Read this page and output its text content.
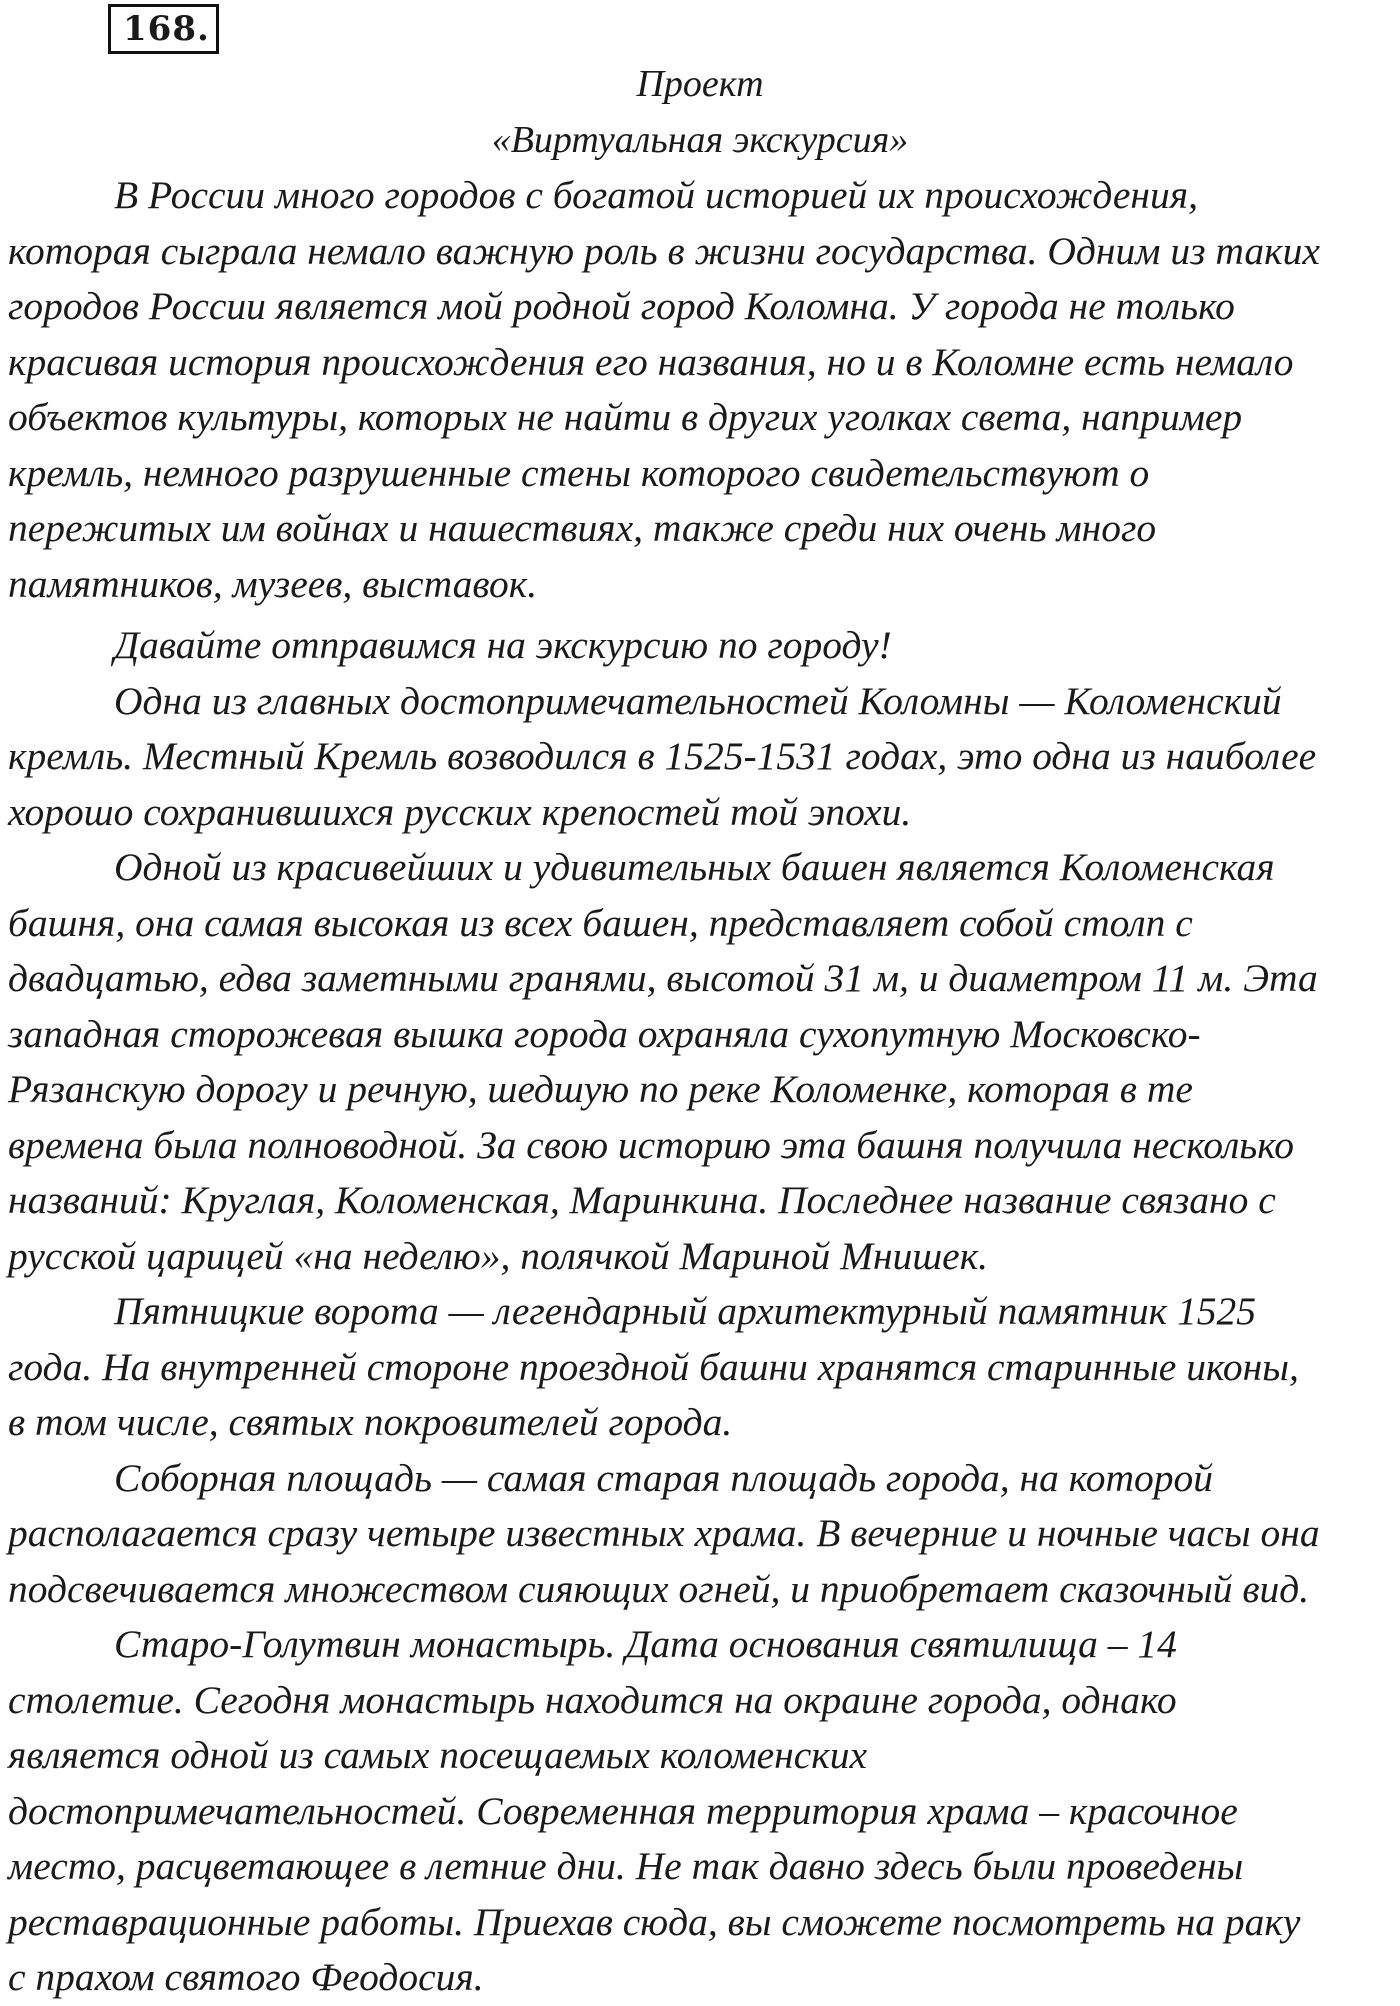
168.
Проект
«Виртуальная экскурсия»

В России много городов с богатой историей их происхождения,
которая сыграла немало важную роль в жизни государства. Одним из таких
городов России является мой родной город Коломна. У города не только
красивая история происхождения его названия, но и в Коломне есть немало
объектов культуры, которых не найти в других уголках света, например
кремль, немного разрушенные стены которого свидетельствуют о
пережитых им войнах и нашествиях, также среди них очень много
памятников, музеев, выставок.

Давайте отправимся на экскурсию по городу!

Одна из главных достопримечательностей Коломны — Коломенский
кремль. Местный Кремль возводился в 1525-1531 годах, это одна из наиболее
хорошо сохранившихся русских крепостей той эпохи.

Одной из красивейших и удивительных башен является Коломенская
башня, она самая высокая из всех башен, представляет собой столп с
двадцатью, едва заметными гранями, высотой 31 м, и диаметром 11 м. Эта
западная сторожевая вышка города охраняла сухопутную Московско-
Рязанскую дорогу и речную, шедшую по реке Коломенке, которая в те
времена была полноводной. За свою историю эта башня получила несколько
названий: Круглая, Коломенская, Маринкина. Последнее название связано с
русской царицей «на неделю», полячкой Мариной Мнишек.

Пятницкие ворота — легендарный архитектурный памятник 1525
года. На внутренней стороне проездной башни хранятся старинные иконы,
в том числе, святых покровителей города.

Соборная площадь — самая старая площадь города, на которой
располагается сразу четыре известных храма. В вечерние и ночные часы она
подсвечивается множеством сияющих огней, и приобретает сказочный вид.

Старо-Голутвин монастырь. Дата основания святилища – 14
столетие. Сегодня монастырь находится на окраине города, однако
является одной из самых посещаемых коломенских
достопримечательностей. Современная территория храма – красочное
место, расцветающее в летние дни. Не так давно здесь были проведены
реставрационные работы. Приехав сюда, вы сможете посмотреть на раку
с прахом святого Феодосия.
